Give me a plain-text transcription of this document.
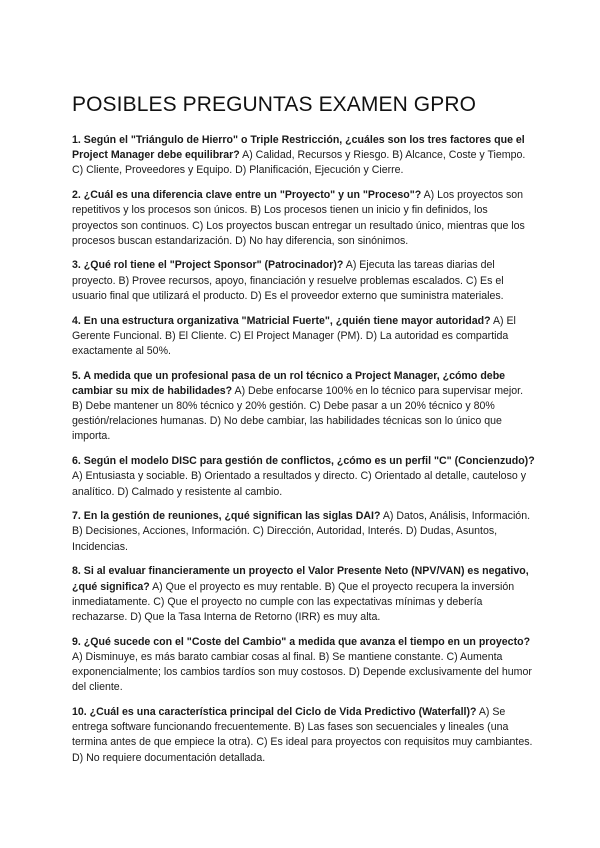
POSIBLES PREGUNTAS EXAMEN GPRO

1. Según el "Triángulo de Hierro" o Triple Restricción, ¿cuáles son los tres factores que el Project Manager debe equilibrar? A) Calidad, Recursos y Riesgo. B) Alcance, Coste y Tiempo. C) Cliente, Proveedores y Equipo. D) Planificación, Ejecución y Cierre.

2. ¿Cuál es una diferencia clave entre un "Proyecto" y un "Proceso"? A) Los proyectos son repetitivos y los procesos son únicos. B) Los procesos tienen un inicio y fin definidos, los proyectos son continuos. C) Los proyectos buscan entregar un resultado único, mientras que los procesos buscan estandarización. D) No hay diferencia, son sinónimos.

3. ¿Qué rol tiene el "Project Sponsor" (Patrocinador)? A) Ejecuta las tareas diarias del proyecto. B) Provee recursos, apoyo, financiación y resuelve problemas escalados. C) Es el usuario final que utilizará el producto. D) Es el proveedor externo que suministra materiales.

4. En una estructura organizativa "Matricial Fuerte", ¿quién tiene mayor autoridad? A) El Gerente Funcional. B) El Cliente. C) El Project Manager (PM). D) La autoridad es compartida exactamente al 50%.

5. A medida que un profesional pasa de un rol técnico a Project Manager, ¿cómo debe cambiar su mix de habilidades? A) Debe enfocarse 100% en lo técnico para supervisar mejor. B) Debe mantener un 80% técnico y 20% gestión. C) Debe pasar a un 20% técnico y 80% gestión/relaciones humanas. D) No debe cambiar, las habilidades técnicas son lo único que importa.

6. Según el modelo DISC para gestión de conflictos, ¿cómo es un perfil "C" (Concienzudo)? A) Entusiasta y sociable. B) Orientado a resultados y directo. C) Orientado al detalle, cauteloso y analítico. D) Calmado y resistente al cambio.

7. En la gestión de reuniones, ¿qué significan las siglas DAI? A) Datos, Análisis, Información. B) Decisiones, Acciones, Información. C) Dirección, Autoridad, Interés. D) Dudas, Asuntos, Incidencias.

8. Si al evaluar financieramente un proyecto el Valor Presente Neto (NPV/VAN) es negativo, ¿qué significa? A) Que el proyecto es muy rentable. B) Que el proyecto recupera la inversión inmediatamente. C) Que el proyecto no cumple con las expectativas mínimas y debería rechazarse. D) Que la Tasa Interna de Retorno (IRR) es muy alta.

9. ¿Qué sucede con el "Coste del Cambio" a medida que avanza el tiempo en un proyecto? A) Disminuye, es más barato cambiar cosas al final. B) Se mantiene constante. C) Aumenta exponencialmente; los cambios tardíos son muy costosos. D) Depende exclusivamente del humor del cliente.

10. ¿Cuál es una característica principal del Ciclo de Vida Predictivo (Waterfall)? A) Se entrega software funcionando frecuentemente. B) Las fases son secuenciales y lineales (una termina antes de que empiece la otra). C) Es ideal para proyectos con requisitos muy cambiantes. D) No requiere documentación detallada.
